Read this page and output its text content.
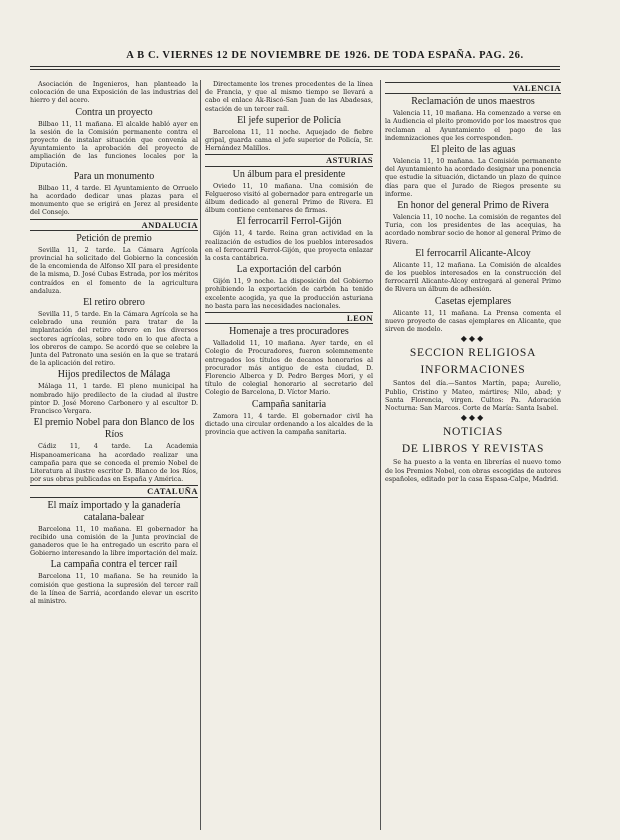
A B C. VIERNES 12 DE NOVIEMBRE DE 1926. DE TODA ESPAÑA. PAG. 26.

Asociación de Ingenieros, han planteado la colocación de una Exposición de las industrias del hierro y del acero.

Contra un proyecto

Bilbao 11, 11 mañana. El alcalde habló ayer en la sesión de la Comisión permanente contra el proyecto de instalar situación que convenía al Ayuntamiento la aprobación del proyecto de ampliación de las funciones locales por la Diputación.

Para un monumento

Bilbao 11, 4 tarde. El Ayuntamiento de Orruelo ha acordado dedicar unas plazas para el monumento que se erigirá en Jerez al presidente del Consejo.

ANDALUCIA
Petición de premio

Sevilla 11, 2 tarde. La Cámara Agrícola provincial ha solicitado del Gobierno la concesión de la encomienda de Alfonso XII para el presidente de la misma, D. José Cubas Estrada, por los méritos contraídos en el fomento de la agricultura andaluza.

El retiro obrero

Sevilla 11, 5 tarde. En la Cámara Agrícola se ha celebrado una reunión para tratar de la implantación del retiro obrero en los diversos sectores agrícolas, sobre todo en lo que afecta a los obreros de campo. Se acordó que se celebre la Junta del Patronato una sesión en la que se tratará de la aplicación del retiro.

Hijos predilectos de Málaga

Málaga 11, 1 tarde. El pleno municipal ha nombrado hijo predilecto de la ciudad al ilustre pintor D. José Moreno Carbonero y al escultor D. Francisco Vergara.

El premio Nobel para don Blanco de los Ríos

Cádiz 11, 4 tarde. La Academia Hispanoamericana ha acordado realizar una campaña para que se conceda el premio Nobel de Literatura al ilustre escritor D. Blanco de los Ríos, por sus obras publicadas en España y América.

CATALUÑA
El maíz importado y la ganadería catalana-balear

Barcelona 11, 10 mañana. El gobernador ha recibido una comisión de la Junta provincial de ganaderos que le ha entregado un escrito para el Gobierno interesando la libre importación del maíz.

La campaña contra el tercer raíl

Barcelona 11, 10 mañana. Se ha reunido la comisión que gestiona la supresión del tercer raíl de la línea de Sarriá, acordando elevar un escrito al ministro.

Directamente los trenes procedentes de la línea de Francia, y que al mismo tiempo se llevará a cabo el enlace Ak-Riscó-San Juan de las Abadesas, estación de un tercer raíl.

El jefe superior de Policía

Barcelona 11, 11 noche. Aquejado de fiebre gripal, guarda cama el jefe superior de Policía, Sr. Hernández Malillos.

ASTURIAS
Un álbum para el presidente

Oviedo 11, 10 mañana. Una comisión de Felgueroso visitó al gobernador para entregarle un álbum dedicado al general Primo de Rivera. El álbum contiene centenares de firmas.

El ferrocarril Ferrol-Gijón

Gijón 11, 4 tarde. Reina gran actividad en la realización de estudios de los pueblos interesados en el ferrocarril Ferrol-Gijón, que proyecta enlazar la costa cantábrica.

La exportación del carbón

Gijón 11, 9 noche. La disposición del Gobierno prohibiendo la exportación de carbón ha tenido excelente acogida, ya que la producción asturiana no basta para las necesidades nacionales.

LEON
Homenaje a tres procuradores

Valladolid 11, 10 mañana. Ayer tarde, en el Colegio de Procuradores, fueron solemnemente entregados los títulos de decanos honorarios al procurador más antiguo de esta ciudad, D. Florencio Alberca y D. Pedro Berges Mori, y el título de colegial honorario al secretario del Colegio de Barcelona, D. Víctor Mario.

Campaña sanitaria

Zamora 11, 4 tarde. El gobernador civil ha dictado una circular ordenando a los alcaldes de la provincia que activen la campaña sanitaria.

VALENCIA
Reclamación de unos maestros

Valencia 11, 10 mañana. Ha comenzado a verse en la Audiencia el pleito promovido por los maestros que reclaman al Ayuntamiento el pago de las indemnizaciones que les corresponden.

El pleito de las aguas

Valencia 11, 10 mañana. La Comisión permanente del Ayuntamiento ha acordado designar una ponencia que estudie la situación, dictando un plazo de quince días para que el Jurado de Riegos presente su informe.

En honor del general Primo de Rivera

Valencia 11, 10 noche. La comisión de regantes del Turia, con los presidentes de las acequias, ha acordado nombrar socio de honor al general Primo de Rivera.

El ferrocarril Alicante-Alcoy

Alicante 11, 12 mañana. La Comisión de alcaldes de los pueblos interesados en la construcción del ferrocarril Alicante-Alcoy entregará al general Primo de Rivera un álbum de adhesión.

Casetas ejemplares

Alicante 11, 11 mañana. La Prensa comenta el nuevo proyecto de casas ejemplares en Alicante, que sirven de modelo.

◆◆◆
SECCION RELIGIOSA
INFORMACIONES

Santos del día.—Santos Martín, papa; Aurelio, Publio, Cristino y Mateo, mártires; Nilo, abad; y Santa Florencia, virgen. Cultos: Pa. Adoración Nocturna: San Marcos. Corte de María: Santa Isabel.

◆◆◆
NOTICIAS
DE LIBROS Y REVISTAS

Se ha puesto a la venta en librerías el nuevo tomo de los Premios Nobel, con obras escogidas de autores españoles, editado por la casa Espasa-Calpe, Madrid.
